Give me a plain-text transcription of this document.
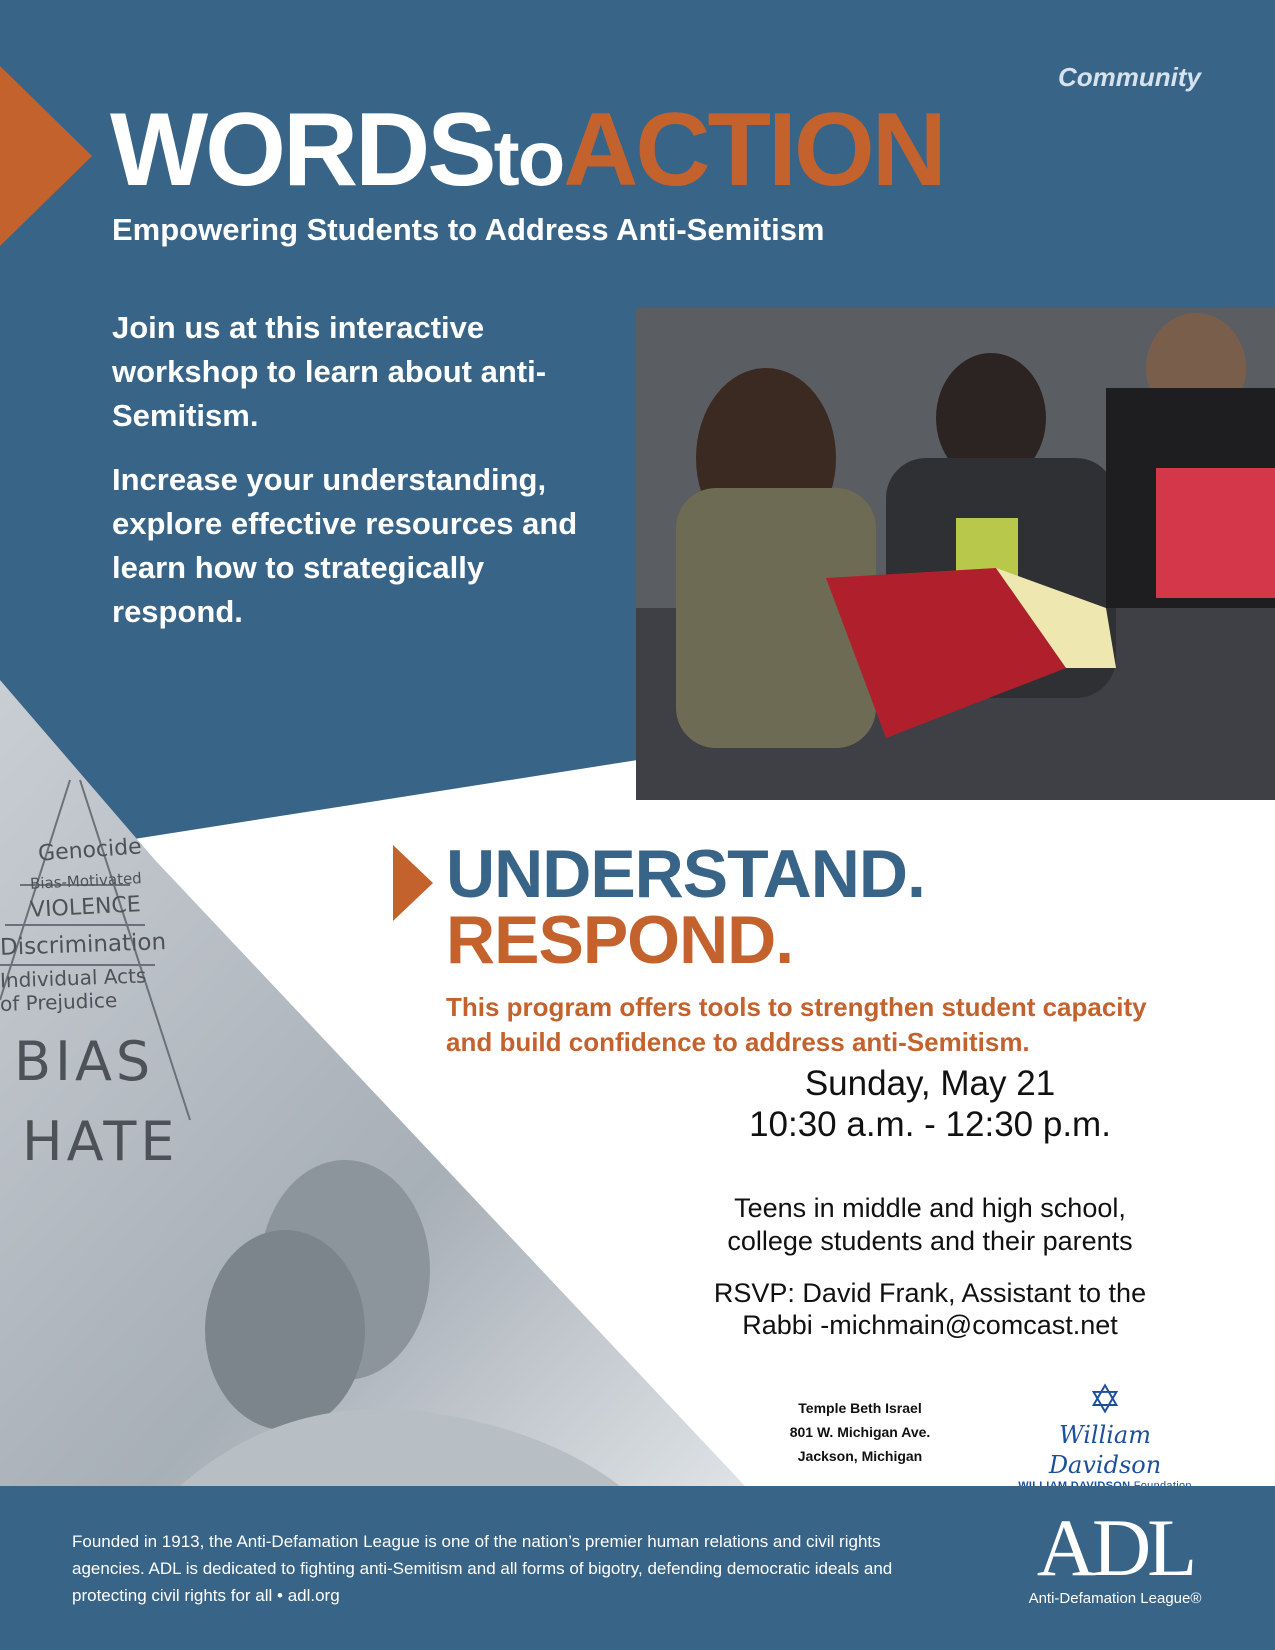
Community
WORDStoACTION
Empowering Students to Address Anti-Semitism

Join us at this interactive workshop to learn about anti-Semitism.

Increase your understanding, explore effective resources and learn how to strategically respond.

UNDERSTAND.
RESPOND.

This program offers tools to strengthen student capacity and build confidence to address anti-Semitism.

Sunday, May 21
10:30 a.m. - 12:30 p.m.

Teens in middle and high school, college students and their parents

RSVP: David Frank, Assistant to the Rabbi -michmain@comcast.net

Temple Beth Israel
801 W. Michigan Ave.
Jackson, Michigan
✡
William Davidson

Founded in 1913, the Anti-Defamation League is one of the nation’s premier human relations and civil rights agencies. ADL is dedicated to fighting anti-Semitism and all forms of bigotry, defending democratic ideals and protecting civil rights for all • adl.org

ADL
Anti-Defamation League®
Genocide
Bias-Motivated
VIOLENCE
Discrimination
Individual Acts
of Prejudice
BIAS
HATE
